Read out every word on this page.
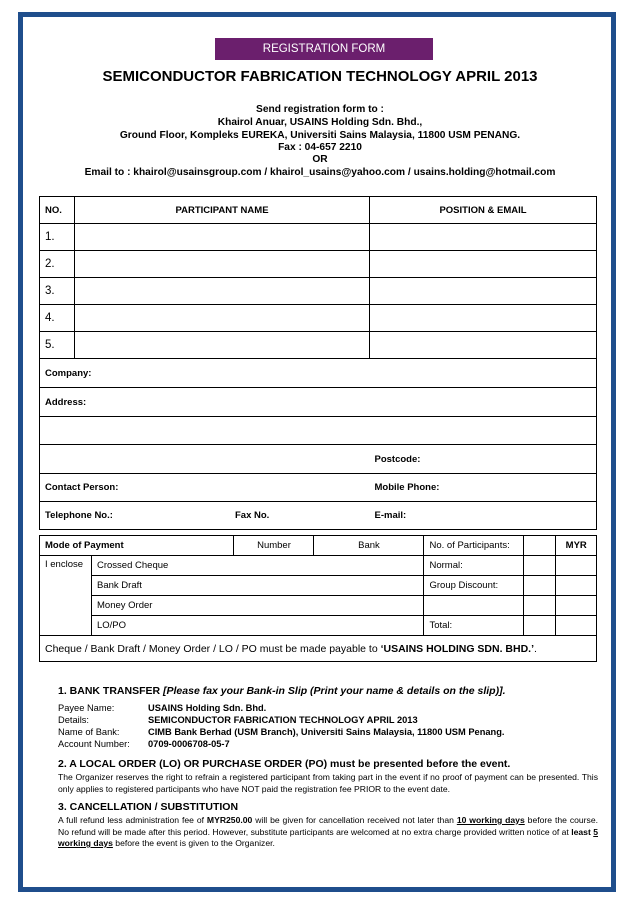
REGISTRATION FORM
SEMICONDUCTOR FABRICATION TECHNOLOGY APRIL 2013
Send registration form to :
Khairol Anuar, USAINS Holding Sdn. Bhd.,
Ground Floor, Kompleks EUREKA, Universiti Sains Malaysia, 11800 USM PENANG.
Fax : 04-657 2210
OR
Email to : khairol@usainsgroup.com / khairol_usains@yahoo.com / usains.holding@hotmail.com
NO.	PARTICIPANT NAME	POSITION & EMAIL
1.		
2.		
3.		
4.		
5.		
Company:		
Address:		

		Postcode:
Contact Person:		Mobile Phone:
Telephone No.: Fax No.		E-mail:
Mode of Payment		Number	Bank	No. of Participants:		MYR
I enclose	Crossed Cheque			Normal:		
	Bank Draft			Group Discount:		
	Money Order					
	LO/PO			Total:		
Cheque / Bank Draft / Money Order / LO / PO must be made payable to ‘USAINS HOLDING SDN. BHD.’.						
1. BANK TRANSFER [Please fax your Bank-in Slip (Print your name & details on the slip)].
Payee Name:	USAINS Holding Sdn. Bhd.
Details:	SEMICONDUCTOR FABRICATION TECHNOLOGY APRIL 2013
Name of Bank:	CIMB Bank Berhad (USM Branch), Universiti Sains Malaysia, 11800 USM Penang.
Account Number: 0709-0006708-05-7
2. A LOCAL ORDER (LO) OR PURCHASE ORDER (PO) must be presented before the event.
The Organizer reserves the right to refrain a registered participant from taking part in the event if no proof of payment can be presented. This only applies to registered participants who have NOT paid the registration fee PRIOR to the event date.
3. CANCELLATION / SUBSTITUTION
A full refund less administration fee of MYR250.00 will be given for cancellation received not later than 10 working days before the course. No refund will be made after this period. However, substitute participants are welcomed at no extra charge provided written notice of at least 5 working days before the event is given to the Organizer.
